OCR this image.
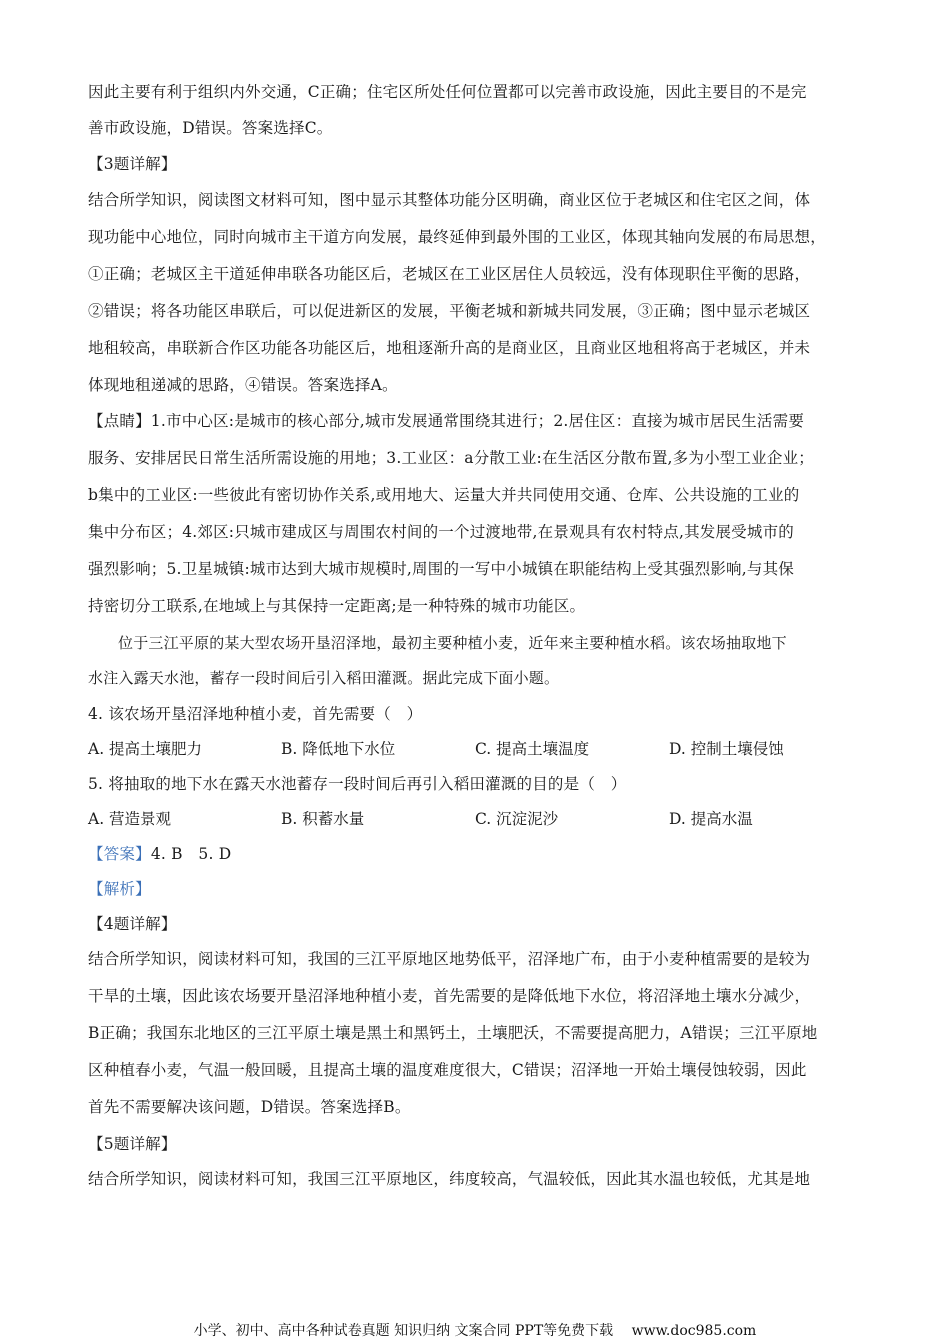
因此主要有利于组织内外交通，C正确；住宅区所处任何位置都可以完善市政设施，因此主要目的不是完
善市政设施，D错误。答案选择C。
【3题详解】
结合所学知识，阅读图文材料可知，图中显示其整体功能分区明确，商业区位于老城区和住宅区之间，体
现功能中心地位，同时向城市主干道方向发展，最终延伸到最外围的工业区，体现其轴向发展的布局思想，
①正确；老城区主干道延伸串联各功能区后，老城区在工业区居住人员较远，没有体现职住平衡的思路，
②错误；将各功能区串联后，可以促进新区的发展，平衡老城和新城共同发展，③正确；图中显示老城区
地租较高，串联新合作区功能各功能区后，地租逐渐升高的是商业区，且商业区地租将高于老城区，并未
体现地租递减的思路，④错误。答案选择A。
【点睛】1.市中心区:是城市的核心部分,城市发展通常围绕其进行；2.居住区：直接为城市居民生活需要
服务、安排居民日常生活所需设施的用地；3.工业区：a分散工业:在生活区分散布置,多为小型工业企业；
b集中的工业区:一些彼此有密切协作关系,或用地大、运量大并共同使用交通、仓库、公共设施的工业的
集中分布区；4.郊区:只城市建成区与周围农村间的一个过渡地带,在景观具有农村特点,其发展受城市的
强烈影响；5.卫星城镇:城市达到大城市规模时,周围的一写中小城镇在职能结构上受其强烈影响,与其保
持密切分工联系,在地域上与其保持一定距离;是一种特殊的城市功能区。
位于三江平原的某大型农场开垦沼泽地，最初主要种植小麦，近年来主要种植水稻。该农场抽取地下
水注入露天水池，蓄存一段时间后引入稻田灌溉。据此完成下面小题。
4. 该农场开垦沼泽地种植小麦，首先需要（　）
A. 提高土壤肥力	B. 降低地下水位	C. 提高土壤温度	D. 控制土壤侵蚀
5. 将抽取的地下水在露天水池蓄存一段时间后再引入稻田灌溉的目的是（　）
A. 营造景观	B. 积蓄水量	C. 沉淀泥沙	D. 提高水温
【答案】4. B　5. D
【解析】
【4题详解】
结合所学知识，阅读材料可知，我国的三江平原地区地势低平，沼泽地广布，由于小麦种植需要的是较为
干旱的土壤，因此该农场要开垦沼泽地种植小麦，首先需要的是降低地下水位，将沼泽地土壤水分减少，
B正确；我国东北地区的三江平原土壤是黑土和黑钙土，土壤肥沃，不需要提高肥力，A错误；三江平原地
区种植春小麦，气温一般回暖，且提高土壤的温度难度很大，C错误；沼泽地一开始土壤侵蚀较弱，因此
首先不需要解决该问题，D错误。答案选择B。
【5题详解】
结合所学知识，阅读材料可知，我国三江平原地区，纬度较高，气温较低，因此其水温也较低，尤其是地
小学、初中、高中各种试卷真题 知识归纳 文案合同 PPT等免费下载　 www.doc985.com
